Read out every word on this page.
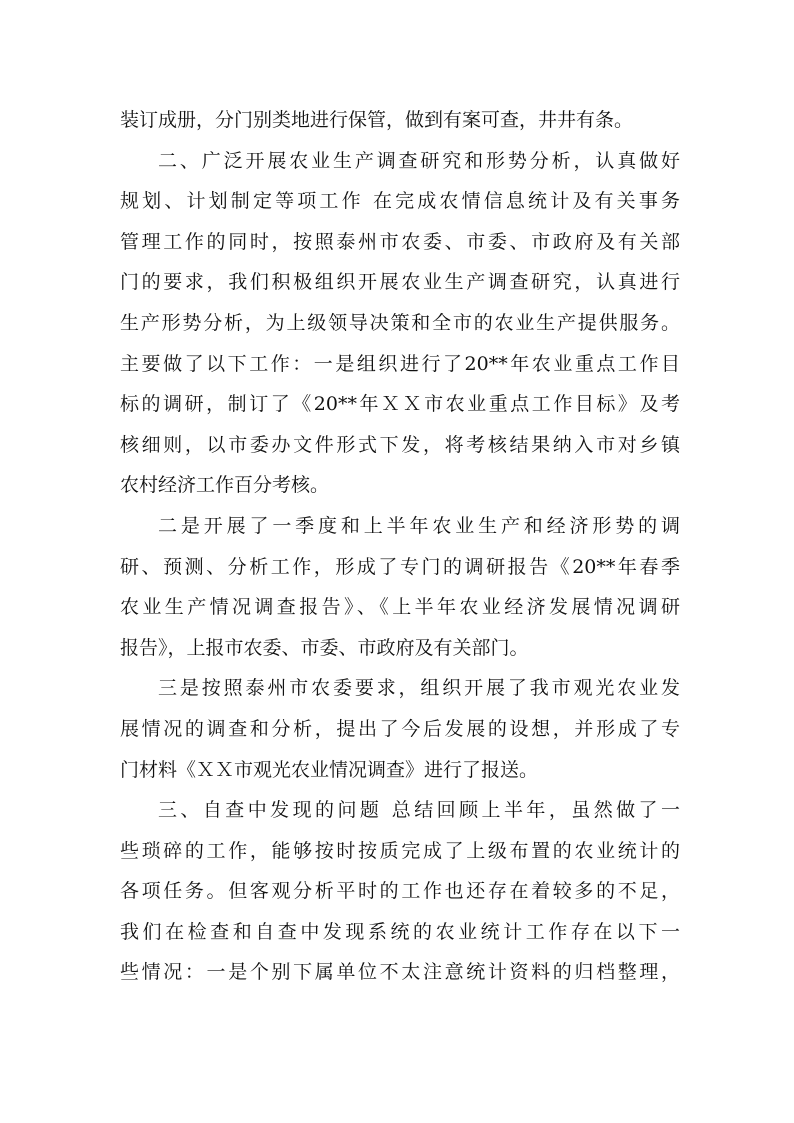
装订成册，分门别类地进行保管，做到有案可查，井井有条。
二、广泛开展农业生产调查研究和形势分析，认真做好
规划、计划制定等项工作 在完成农情信息统计及有关事务
管理工作的同时，按照泰州市农委、市委、市政府及有关部
门的要求，我们积极组织开展农业生产调查研究，认真进行
生产形势分析，为上级领导决策和全市的农业生产提供服务。
主要做了以下工作：一是组织进行了20**年农业重点工作目
标的调研，制订了《20**年ＸＸ市农业重点工作目标》及考
核细则，以市委办文件形式下发，将考核结果纳入市对乡镇
农村经济工作百分考核。
二是开展了一季度和上半年农业生产和经济形势的调
研、预测、分析工作，形成了专门的调研报告《20**年春季
农业生产情况调查报告》、《上半年农业经济发展情况调研
报告》，上报市农委、市委、市政府及有关部门。
三是按照泰州市农委要求，组织开展了我市观光农业发
展情况的调查和分析，提出了今后发展的设想，并形成了专
门材料《ＸＸ市观光农业情况调查》进行了报送。
三、自查中发现的问题 总结回顾上半年，虽然做了一
些琐碎的工作，能够按时按质完成了上级布置的农业统计的
各项任务。但客观分析平时的工作也还存在着较多的不足，
我们在检查和自查中发现系统的农业统计工作存在以下一
些情况：一是个别下属单位不太注意统计资料的归档整理，
